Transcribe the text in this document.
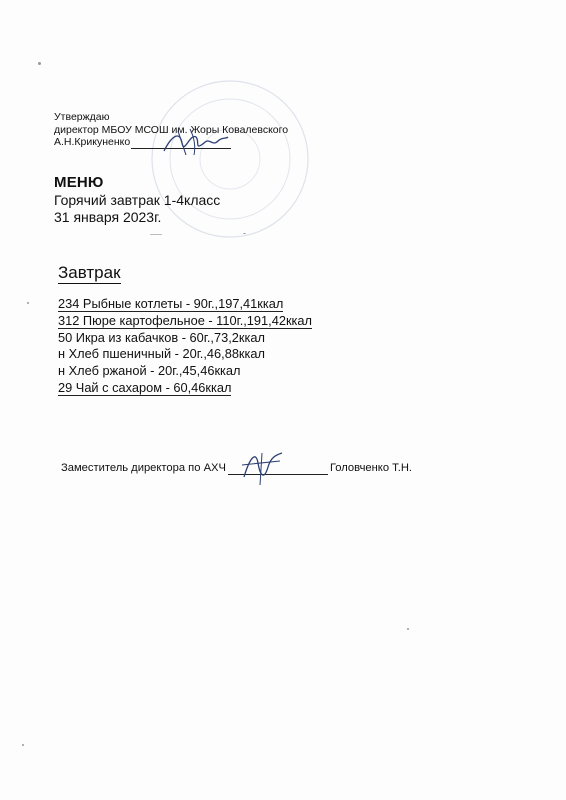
Утверждаю
директор МБОУ МСОШ им. Жоры Ковалевского
А.Н.Крикуненко
МЕНЮ
Горячий завтрак 1-4класс
31 января 2023г.
Завтрак
234 Рыбные котлеты - 90г.,197,41ккал
312 Пюре картофельное - 110г.,191,42ккал
50 Икра из кабачков - 60г.,73,2ккал
н Хлеб пшеничный - 20г.,46,88ккал
н Хлеб ржаной - 20г.,45,46ккал
29 Чай с сахаром - 60,46ккал
Заместитель директора по АХЧ	Головченко Т.Н.
